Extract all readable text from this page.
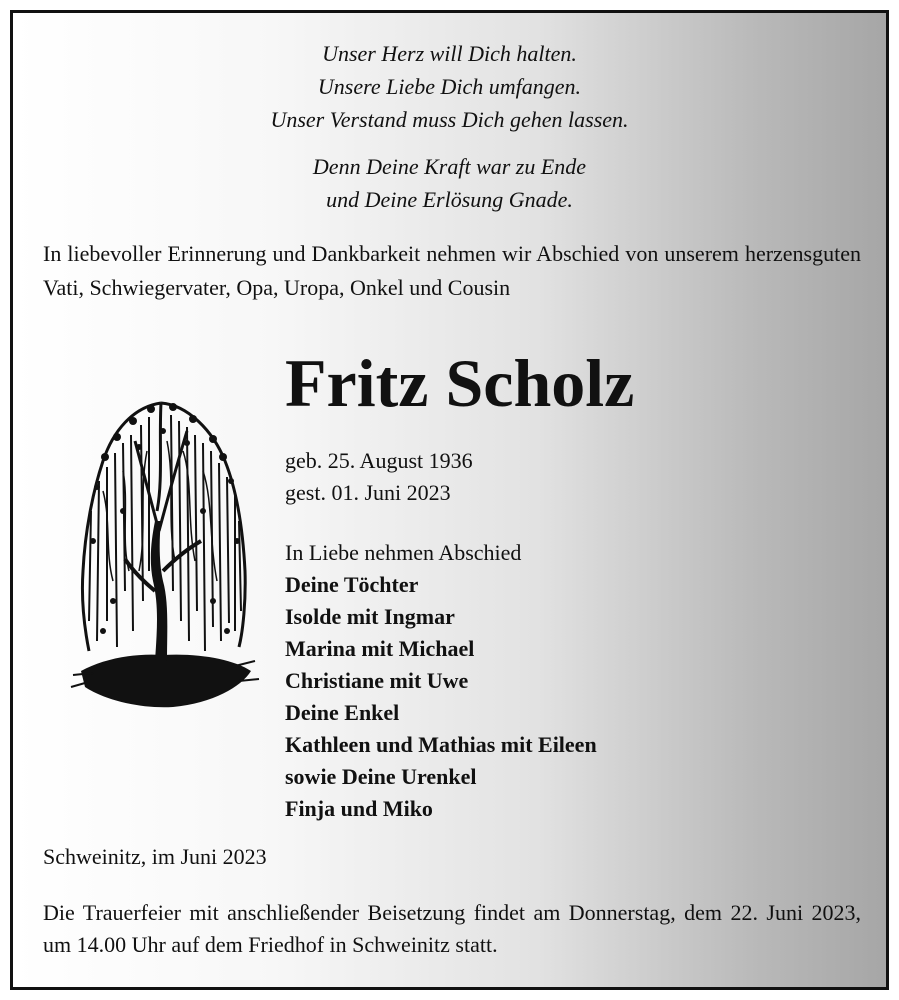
Unser Herz will Dich halten.
Unsere Liebe Dich umfangen.
Unser Verstand muss Dich gehen lassen.
Denn Deine Kraft war zu Ende
und Deine Erlösung Gnade.
In liebevoller Erinnerung und Dankbarkeit nehmen wir Abschied von unserem herzensguten Vati, Schwiegervater, Opa, Uropa, Onkel und Cousin
Fritz Scholz
geb. 25. August 1936
gest. 01. Juni 2023
In Liebe nehmen Abschied
Deine Töchter
Isolde mit Ingmar
Marina mit Michael
Christiane mit Uwe
Deine Enkel
Kathleen und Mathias mit Eileen
sowie Deine Urenkel
Finja und Miko
Schweinitz, im Juni 2023
Die Trauerfeier mit anschließender Beisetzung findet am Donnerstag, dem 22. Juni 2023, um 14.00 Uhr auf dem Friedhof in Schweinitz statt.
